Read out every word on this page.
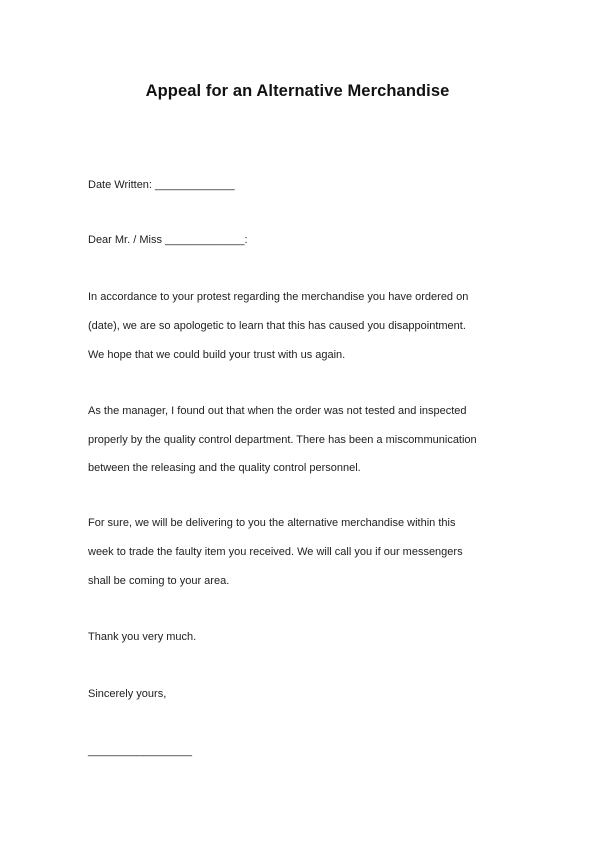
Appeal for an Alternative Merchandise
Date Written: _____________
Dear Mr. / Miss _____________:
In accordance to your protest regarding the merchandise you have ordered on
(date), we are so apologetic to learn that this has caused you disappointment.
We hope that we could build your trust with us again.
As the manager, I found out that when the order was not tested and inspected
properly by the quality control department. There has been a miscommunication
between the releasing and the quality control personnel.
For sure, we will be delivering to you the alternative merchandise within this
week to trade the faulty item you received. We will call you if our messengers
shall be coming to your area.
Thank you very much.
Sincerely yours,
_________________
